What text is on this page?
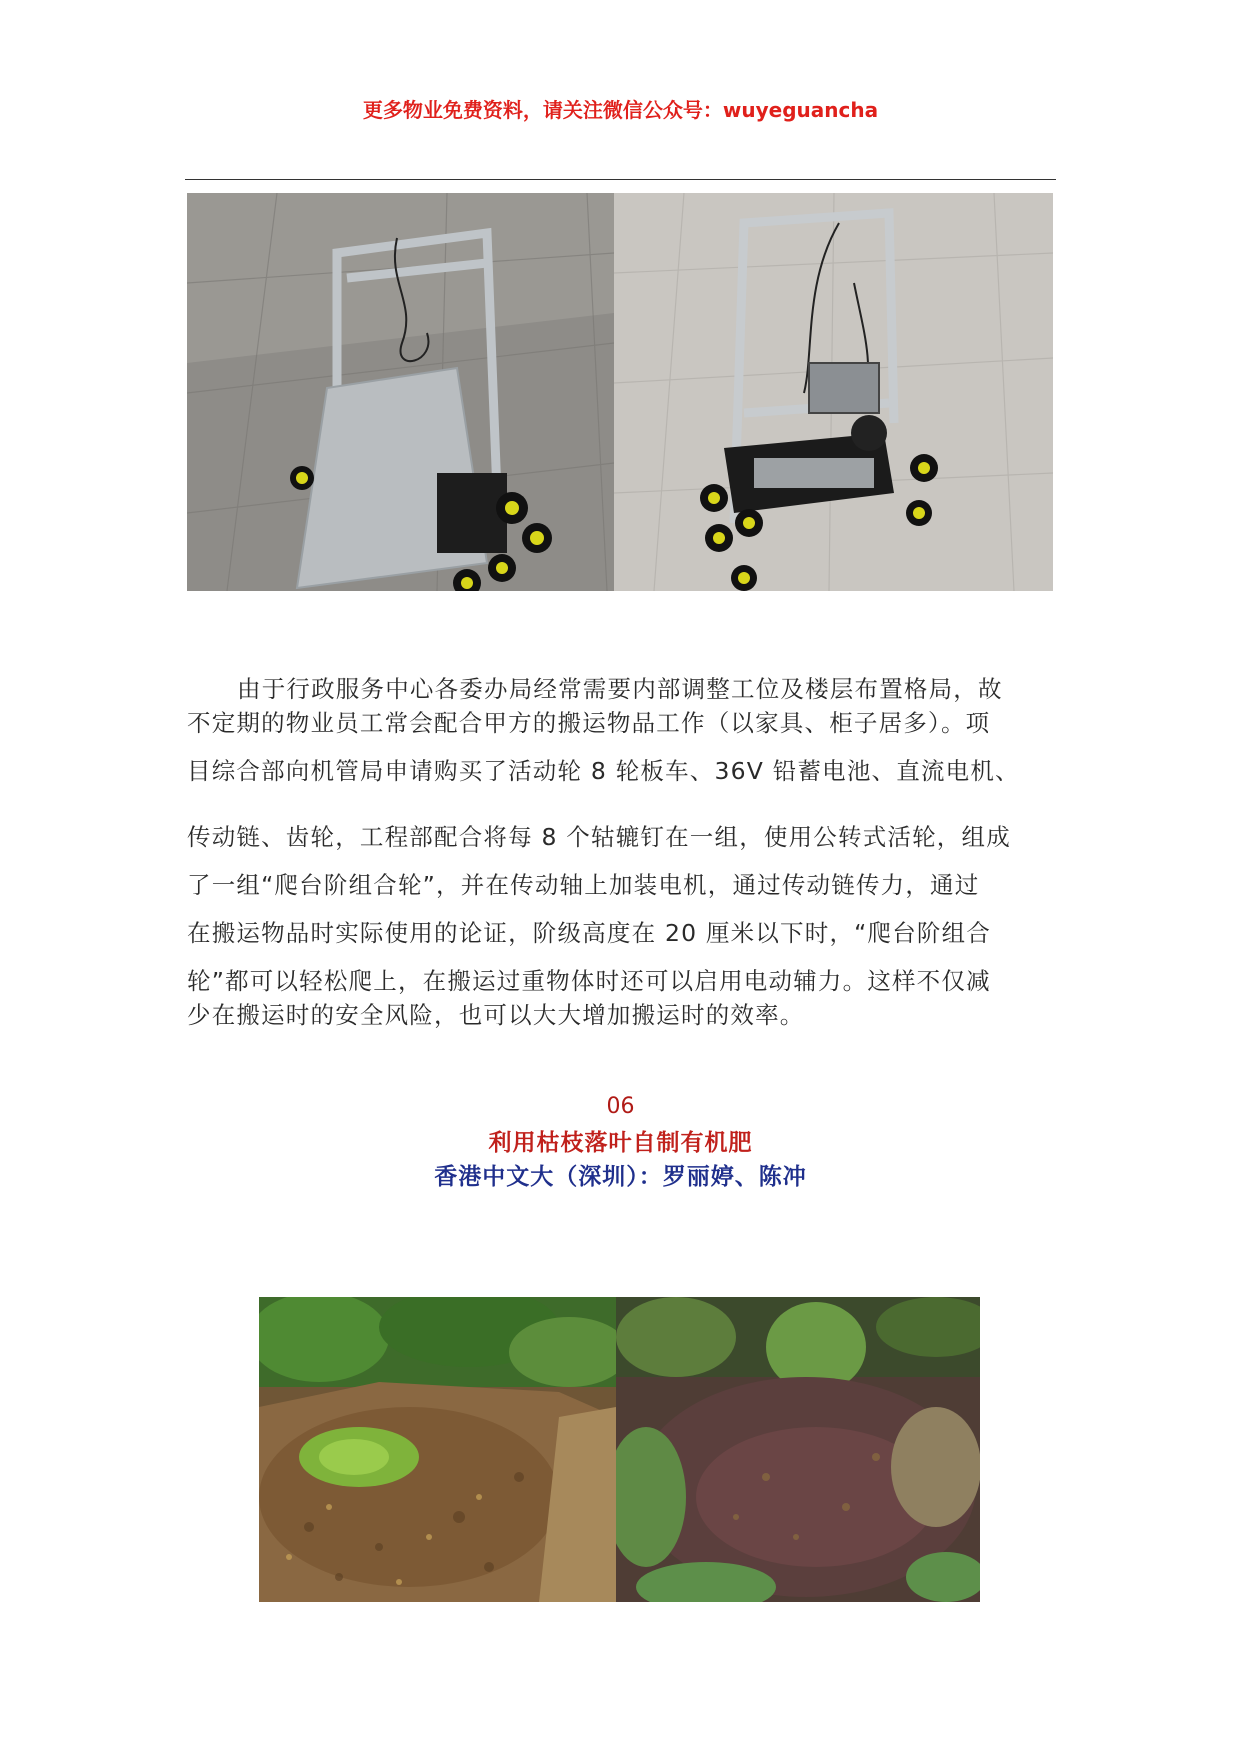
更多物业免费资料，请关注微信公众号：wuyeguancha
由于行政服务中心各委办局经常需要内部调整工位及楼层布置格局，故
不定期的物业员工常会配合甲方的搬运物品工作（以家具、柜子居多）。项
目综合部向机管局申请购买了活动轮 8 轮板车、36V 铅蓄电池、直流电机、
传动链、齿轮，工程部配合将每 8 个轱辘钉在一组，使用公转式活轮，组成
了一组“爬台阶组合轮”，并在传动轴上加装电机，通过传动链传力，通过
在搬运物品时实际使用的论证，阶级高度在 20 厘米以下时，“爬台阶组合
轮”都可以轻松爬上，在搬运过重物体时还可以启用电动辅力。这样不仅减
少在搬运时的安全风险，也可以大大增加搬运时的效率。
06
利用枯枝落叶自制有机肥
香港中文大（深圳）：罗丽婷、陈冲
